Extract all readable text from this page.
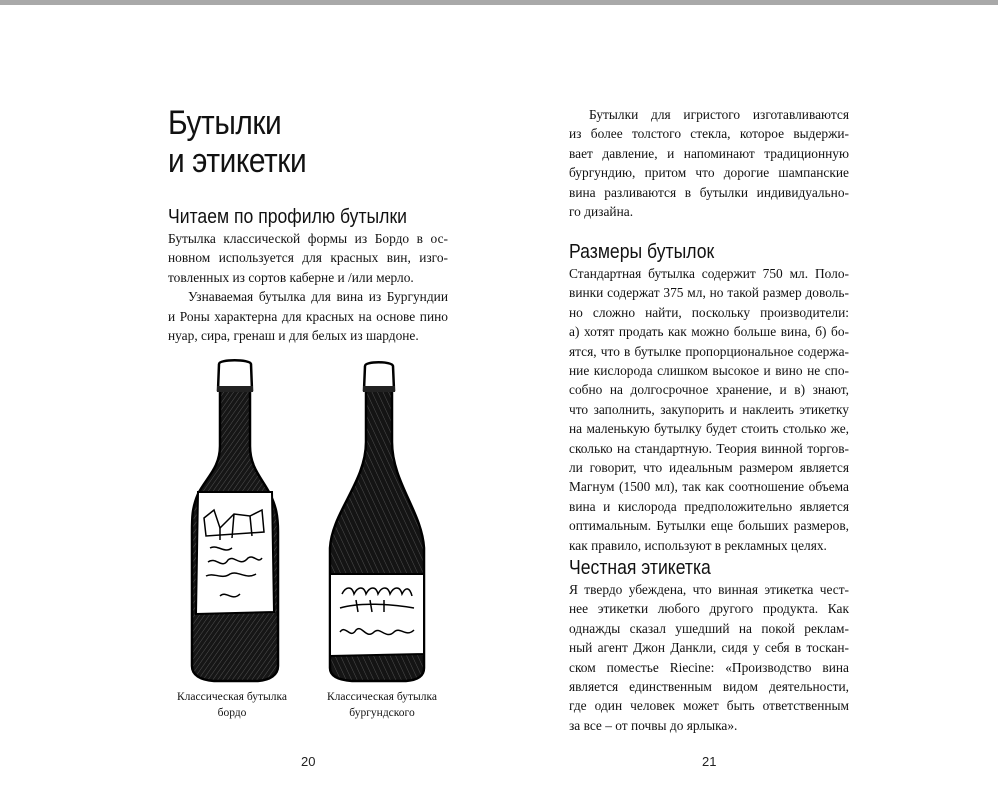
Бутылки
и этикетки
Читаем по профилю бутылки

Бутылка классической формы из Бордо в ос-
новном используется для красных вин, изго-
товленных из сортов каберне и /или мерло.

Узнаваемая бутылка для вина из Бургундии
и Роны характерна для красных на основе пино
нуар, сира, гренаш и для белых из шардоне.

Классическая бутылка
бордо
Классическая бутылка
бургундского
20

Бутылки для игристого изготавливаются
из более толстого стекла, которое выдержи-
вает давление, и напоминают традиционную
бургундию, притом что дорогие шампанские
вина разливаются в бутылки индивидуально-
го дизайна.

Размеры бутылок

Стандартная бутылка содержит 750 мл. Поло-
винки содержат 375 мл, но такой размер доволь-
но сложно найти, поскольку производители:
а) хотят продать как можно больше вина, б) бо-
ятся, что в бутылке пропорциональное содержа-
ние кислорода слишком высокое и вино не спо-
собно на долгосрочное хранение, и в) знают,
что заполнить, закупорить и наклеить этикетку
на маленькую бутылку будет стоить столько же,
сколько на стандартную. Теория винной торгов-
ли говорит, что идеальным размером является
Магнум (1500 мл), так как соотношение объема
вина и кислорода предположительно является
оптимальным. Бутылки еще больших размеров,
как правило, используют в рекламных целях.

Честная этикетка

Я твердо убеждена, что винная этикетка чест-
нее этикетки любого другого продукта. Как
однажды сказал ушедший на покой реклам-
ный агент Джон Данкли, сидя у себя в тоскан-
ском поместье Riecine: «Производство вина
является единственным видом деятельности,
где один человек может быть ответственным
за все – от почвы до ярлыка».

21
